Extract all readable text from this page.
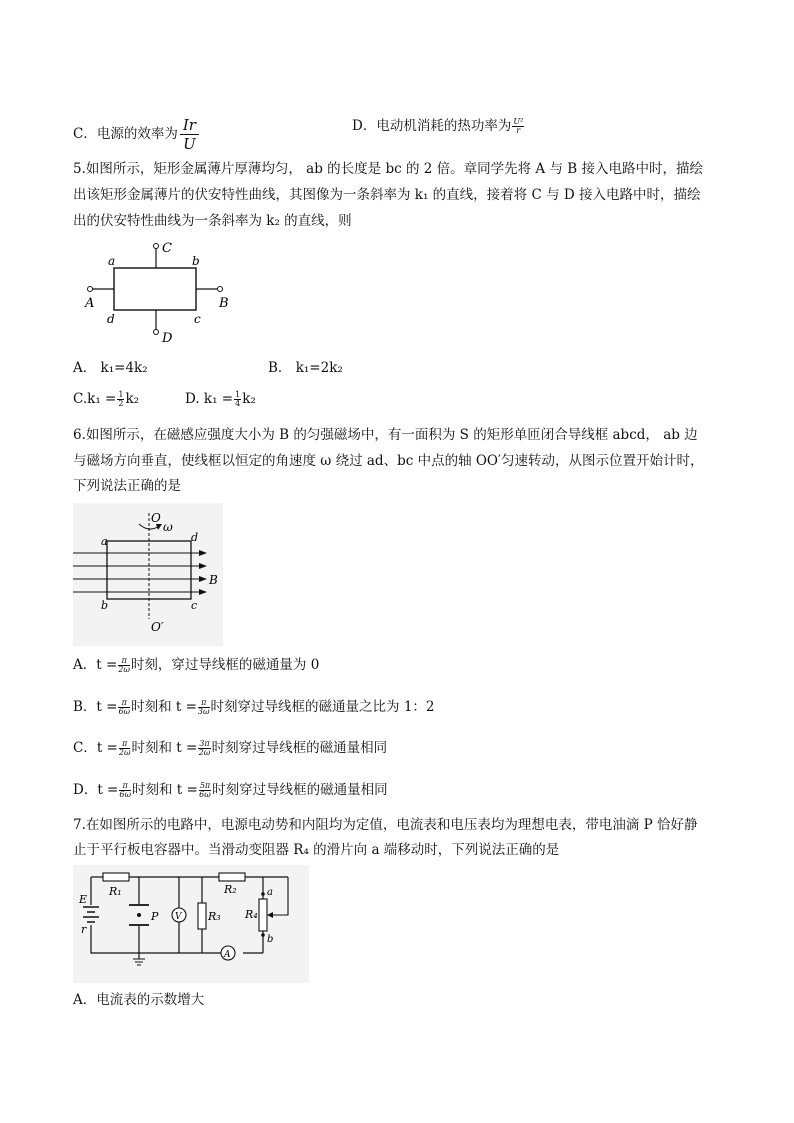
C．电源的效率为 $\frac{Ir}{U}$	D．电动机消耗的热功率为 $\frac{\text{U²}}{r}$
5.如图所示，矩形金属薄片厚薄均匀， ab 的长度是 bc 的 2 倍。章同学先将 A 与 B 接入电路中时，描绘
出该矩形金属薄片的伏安特性曲线，其图像为一条斜率为 k₁ 的直线，接着将 C 与 D 接入电路中时，描绘
出的伏安特性曲线为一条斜率为 k₂ 的直线，则
a	b
c
d
A	B
C
D
A． k₁=4k₂	B． k₁=2k₂
$C.k_1 = \frac{1}{2} k_2$	D. $k_1 = \frac{1}{4} k_2$
6.如图所示，在磁感应强度大小为 B 的匀强磁场中，有一面积为 S 的矩形单匝闭合导线框 abcd， ab 边
与磁场方向垂直，使线框以恒定的角速度 ω 绕过 ad、bc 中点的轴 OO′匀速转动，从图示位置开始计时，
下列说法正确的是
O
ω
O′
a	d
b	c
B
A．$t = \frac{\pi}{2\omega}$ 时刻，穿过导线框的磁通量为 0
B．$t = \frac{\pi}{6\omega}$ 时刻和 $t = \frac{\pi}{3\omega}$ 时刻穿过导线框的磁通量之比为 1：2
C．$t = \frac{\pi}{2\omega}$ 时刻和 $t = \frac{3\pi}{2\omega}$ 时刻穿过导线框的磁通量相同
D．$t = \frac{\pi}{6\omega}$ 时刻和 $t = \frac{5\pi}{6\omega}$ 时刻穿过导线框的磁通量相同
7.在如图所示的电路中，电源电动势和内阻均为定值，电流表和电压表均为理想电表，带电油滴 P 恰好静
止于平行板电容器中。当滑动变阻器 R₄ 的滑片向 a 端移动时，下列说法正确的是
E
r
R₁	R₂
P V R₃
a
b
R₄
A
A．电流表的示数增大
